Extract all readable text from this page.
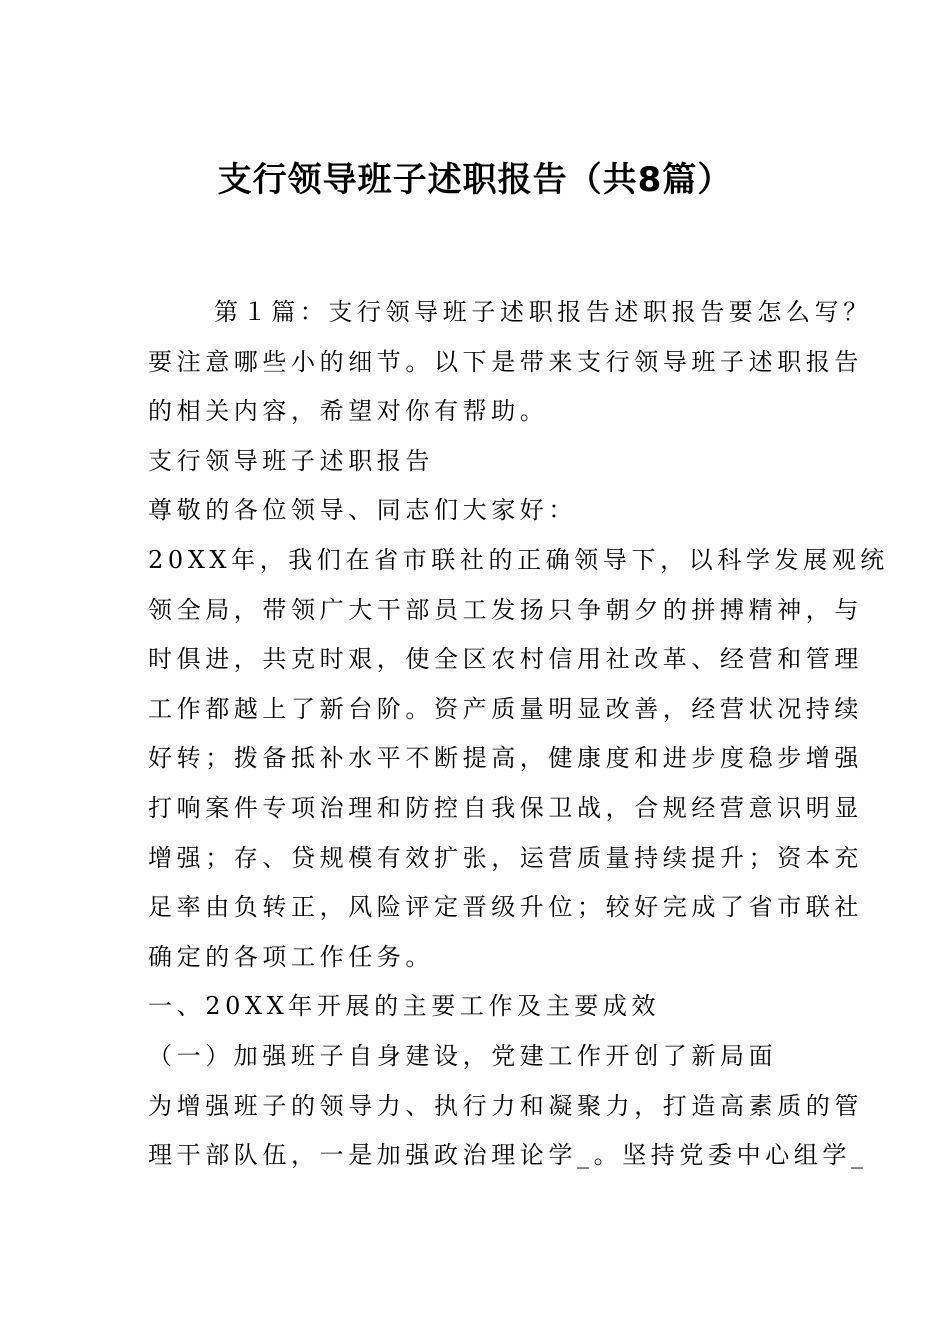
支行领导班子述职报告（共8篇）
第１篇：支行领导班子述职报告述职报告要怎么写？
要注意哪些小的细节。以下是带来支行领导班子述职报告
的相关内容，希望对你有帮助。
支行领导班子述职报告
尊敬的各位领导、同志们大家好：
20XX年，我们在省市联社的正确领导下，以科学发展观统
领全局，带领广大干部员工发扬只争朝夕的拼搏精神，与
时俱进，共克时艰，使全区农村信用社改革、经营和管理
工作都越上了新台阶。资产质量明显改善，经营状况持续
好转；拨备抵补水平不断提高，健康度和进步度稳步增强
打响案件专项治理和防控自我保卫战，合规经营意识明显
增强；存、贷规模有效扩张，运营质量持续提升；资本充
足率由负转正，风险评定晋级升位；较好完成了省市联社
确定的各项工作任务。
一、20XX年开展的主要工作及主要成效
（一）加强班子自身建设，党建工作开创了新局面
为增强班子的领导力、执行力和凝聚力，打造高素质的管
理干部队伍，一是加强政治理论学_。坚持党委中心组学_
